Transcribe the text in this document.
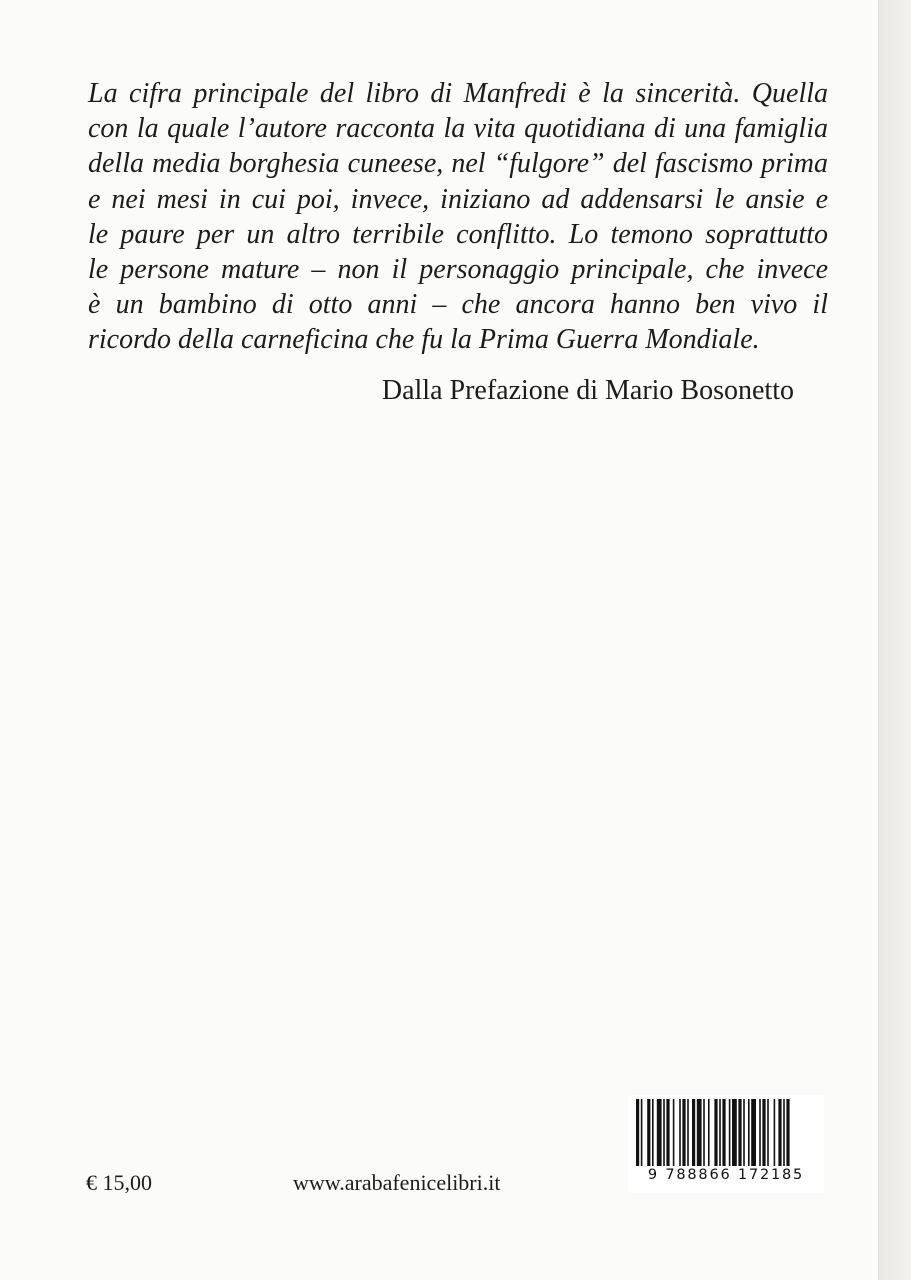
La cifra principale del libro di Manfredi è la sincerità. Quella
con la quale l’autore racconta la vita quotidiana di una famiglia
della media borghesia cuneese, nel “fulgore” del fascismo prima
e nei mesi in cui poi, invece, iniziano ad addensarsi le ansie e
le paure per un altro terribile conflitto. Lo temono soprattutto
le persone mature – non il personaggio principale, che invece
è un bambino di otto anni – che ancora hanno ben vivo il
ricordo della carneficina che fu la Prima Guerra Mondiale.

Dalla Prefazione di Mario Bosonetto

€ 15,00	www.arabafenicelibri.it	9 788866 172185
